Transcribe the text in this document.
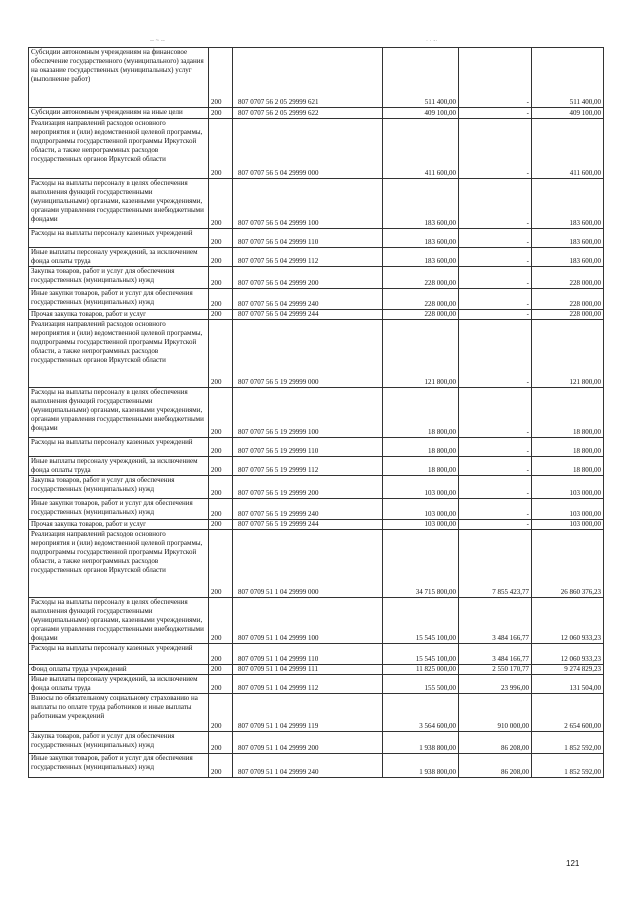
-- ~ --	· · -·
Субсидии автономным учреждениям на финансовое обеспечение государственного (муниципального) задания на оказание государственных (муниципальных) услуг (выполнение работ)	200	807 0707 56 2 05 29999 621	511 400,00	-	511 400,00
Субсидии автономным учреждениям на иные цели	200	807 0707 56 2 05 29999 622	409 100,00	-	409 100,00
Реализация направлений расходов основного мероприятия и (или) ведомственной целевой программы, подпрограммы государственной программы Иркутской области, а также непрограммных расходов государственных органов Иркутской области	200	807 0707 56 5 04 29999 000	411 600,00	-	411 600,00
Расходы на выплаты персоналу в целях обеспечения выполнения функций государственными (муниципальными) органами, казенными учреждениями, органами управления государственными внебюджетными фондами	200	807 0707 56 5 04 29999 100	183 600,00	-	183 600,00
Расходы на выплаты персоналу казенных учреждений	200	807 0707 56 5 04 29999 110	183 600,00	-	183 600,00
Иные выплаты персоналу учреждений, за исключением фонда оплаты труда	200	807 0707 56 5 04 29999 112	183 600,00	-	183 600,00
Закупка товаров, работ и услуг для обеспечения государственных (муниципальных) нужд	200	807 0707 56 5 04 29999 200	228 000,00	-	228 000,00
Иные закупки товаров, работ и услуг для обеспечения государственных (муниципальных) нужд	200	807 0707 56 5 04 29999 240	228 000,00	-	228 000,00
Прочая закупка товаров, работ и услуг	200	807 0707 56 5 04 29999 244	228 000,00	-	228 000,00
Реализация направлений расходов основного мероприятия и (или) ведомственной целевой программы, подпрограммы государственной программы Иркутской области, а также непрограммных расходов государственных органов Иркутской области	200	807 0707 56 5 19 29999 000	121 800,00	-	121 800,00
Расходы на выплаты персоналу в целях обеспечения выполнения функций государственными (муниципальными) органами, казенными учреждениями, органами управления государственными внебюджетными фондами	200	807 0707 56 5 19 29999 100	18 800,00	-	18 800,00
Расходы на выплаты персоналу казенных учреждений	200	807 0707 56 5 19 29999 110	18 800,00	-	18 800,00
Иные выплаты персоналу учреждений, за исключением фонда оплаты труда	200	807 0707 56 5 19 29999 112	18 800,00	-	18 800,00
Закупка товаров, работ и услуг для обеспечения государственных (муниципальных) нужд	200	807 0707 56 5 19 29999 200	103 000,00	-	103 000,00
Иные закупки товаров, работ и услуг для обеспечения государственных (муниципальных) нужд	200	807 0707 56 5 19 29999 240	103 000,00	-	103 000,00
Прочая закупка товаров, работ и услуг	200	807 0707 56 5 19 29999 244	103 000,00	-	103 000,00
Реализация направлений расходов основного мероприятия и (или) ведомственной целевой программы, подпрограммы государственной программы Иркутской области, а также непрограммных расходов государственных органов Иркутской области	200	807 0709 51 1 04 29999 000	34 715 800,00	7 855 423,77	26 860 376,23
Расходы на выплаты персоналу в целях обеспечения выполнения функций государственными (муниципальными) органами, казенными учреждениями, органами управления государственными внебюджетными фондами	200	807 0709 51 1 04 29999 100	15 545 100,00	3 484 166,77	12 060 933,23
Расходы на выплаты персоналу казенных учреждений	200	807 0709 51 1 04 29999 110	15 545 100,00	3 484 166,77	12 060 933,23
Фонд оплаты труда учреждений	200	807 0709 51 1 04 29999 111	11 825 000,00	2 550 170,77	9 274 829,23
Иные выплаты персоналу учреждений, за исключением фонда оплаты труда	200	807 0709 51 1 04 29999 112	155 500,00	23 996,00	131 504,00
Взносы по обязательному социальному страхованию на выплаты по оплате труда работников и иные выплаты работникам учреждений	200	807 0709 51 1 04 29999 119	3 564 600,00	910 000,00	2 654 600,00
Закупка товаров, работ и услуг для обеспечения государственных (муниципальных) нужд	200	807 0709 51 1 04 29999 200	1 938 800,00	86 208,00	1 852 592,00
Иные закупки товаров, работ и услуг для обеспечения государственных (муниципальных) нужд	200	807 0709 51 1 04 29999 240	1 938 800,00	86 208,00	1 852 592,00
121
